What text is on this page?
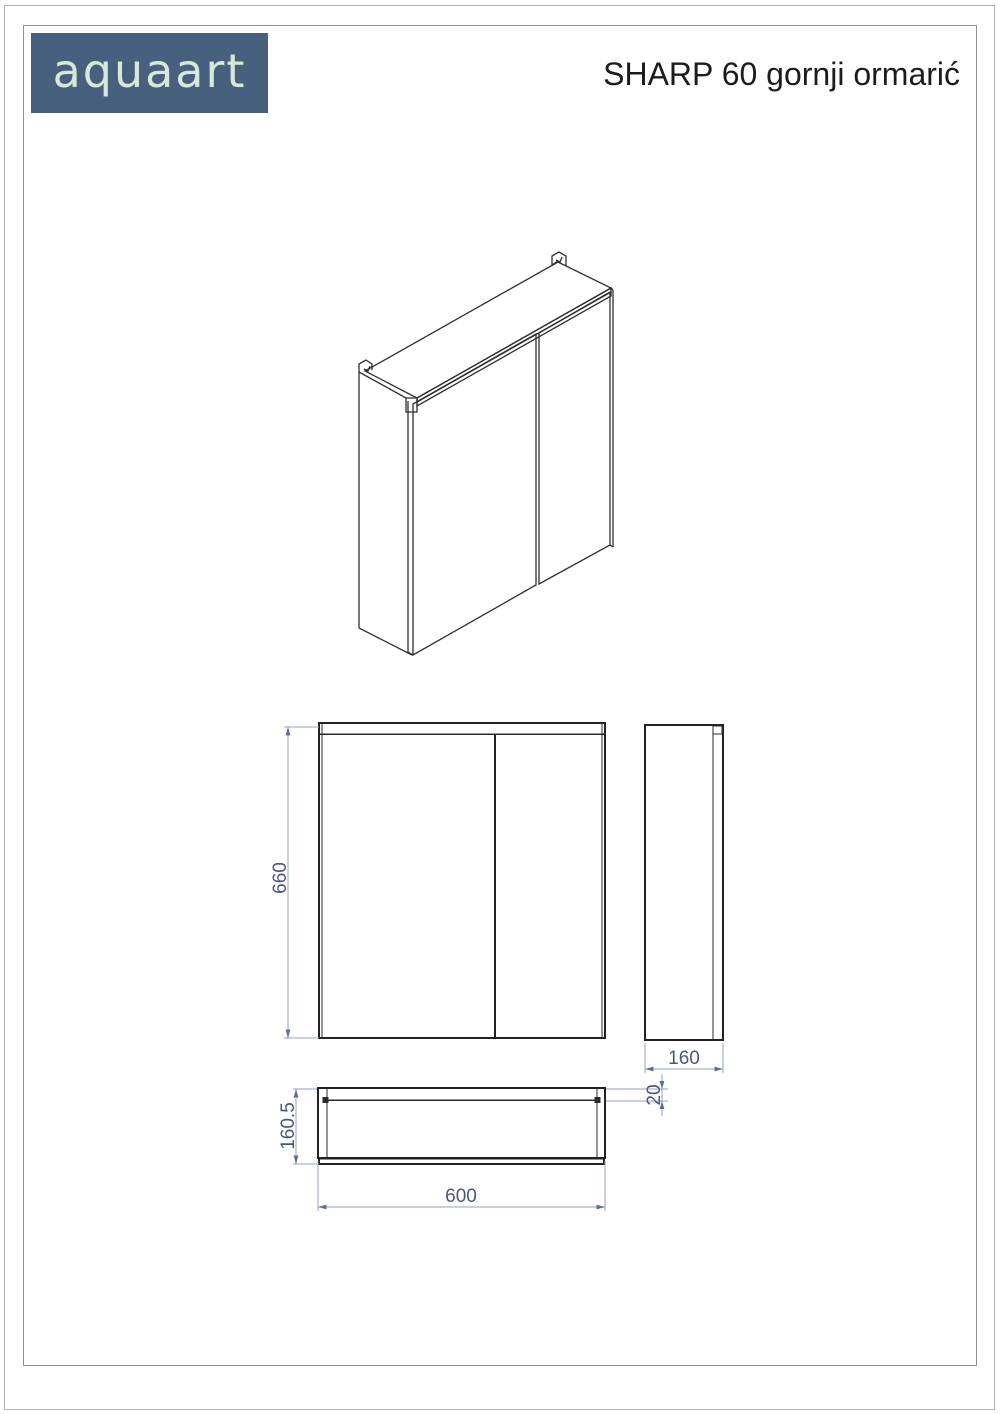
aquaart	SHARP 60 gornji ormarić
660
160
160.5
600
20
